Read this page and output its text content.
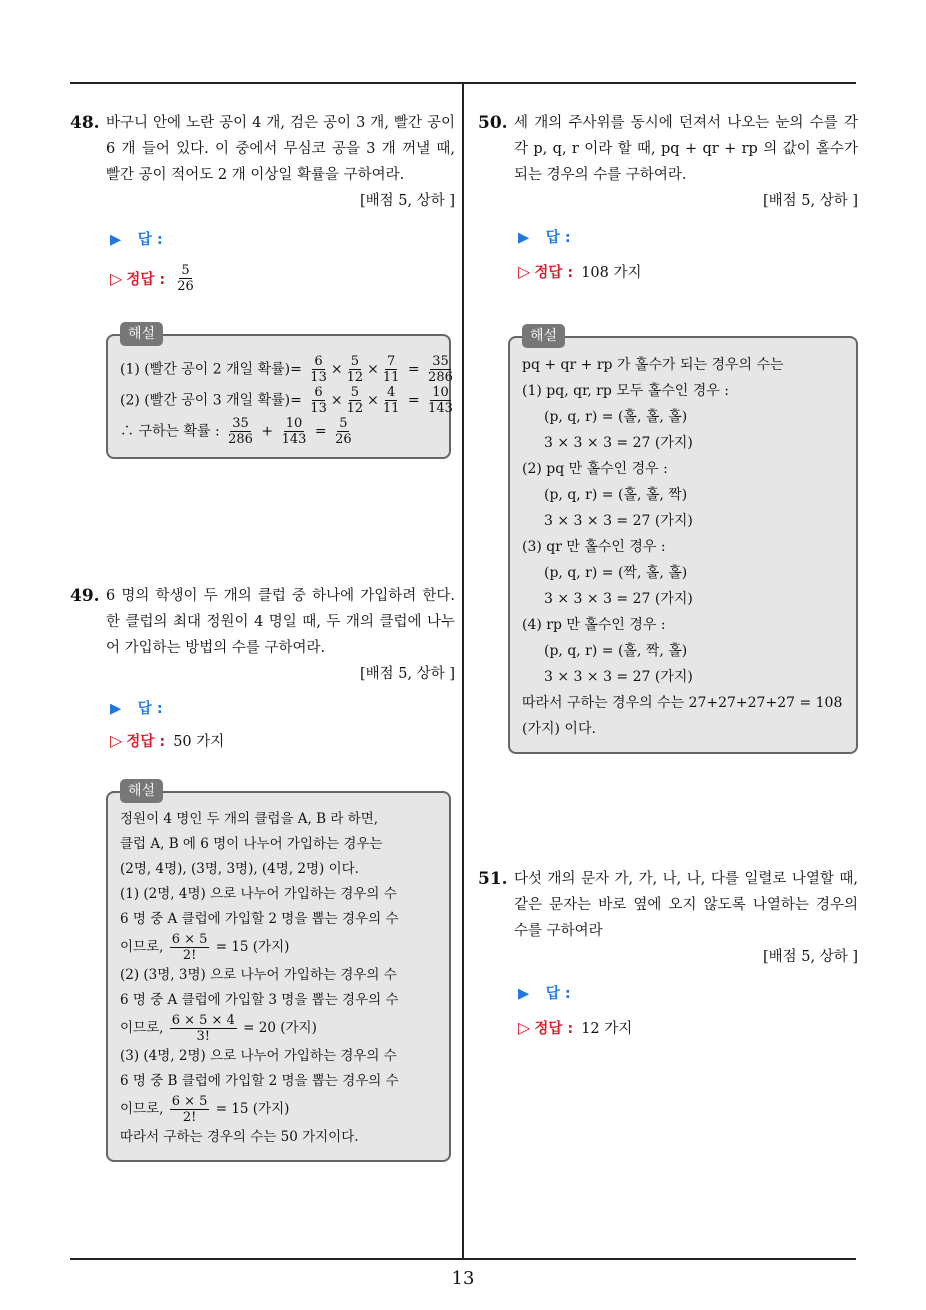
48. 바구니 안에 노란 공이 4 개, 검은 공이 3 개, 빨간 공이 6 개 들어 있다. 이 중에서 무심코 공을 3 개 꺼낼 때, 빨간 공이 적어도 2 개 이상일 확률을 구하여라.
[배점 5, 상하 ]
▶ 답 :
▷ 정답 : $\frac{5}{26}$
해설
(1) (빨간 공이 2 개일 확률)= $\frac{6}{13} \times \frac{5}{12} \times \frac{7}{11} = \frac{35}{286}$
(2) (빨간 공이 3 개일 확률)= $\frac{6}{13} \times \frac{5}{12} \times \frac{4}{11} = \frac{10}{143}$
∴ 구하는 확률 : $\frac{35}{286} + \frac{10}{143} = \frac{5}{26}$
49. 6 명의 학생이 두 개의 클럽 중 하나에 가입하려 한다. 한 클럽의 최대 정원이 4 명일 때, 두 개의 클럽에 나누어 가입하는 방법의 수를 구하여라.
[배점 5, 상하 ]
▶ 답 :
▷ 정답 : 50 가지
해설
정원이 4 명인 두 개의 클럽을 A, B 라 하면,
클럽 A, B 에 6 명이 나누어 가입하는 경우는
(2명, 4명), (3명, 3명), (4명, 2명) 이다.
(1) (2명, 4명) 으로 나누어 가입하는 경우의 수
6 명 중 A 클럽에 가입할 2 명을 뽑는 경우의 수
이므로, $\frac{6 \times 5}{2!} = 15$ (가지)
(2) (3명, 3명) 으로 나누어 가입하는 경우의 수
6 명 중 A 클럽에 가입할 3 명을 뽑는 경우의 수
이므로, $\frac{6 \times 5 \times 4}{3!} = 20$ (가지)
(3) (4명, 2명) 으로 나누어 가입하는 경우의 수
6 명 중 B 클럽에 가입할 2 명을 뽑는 경우의 수
이므로, $\frac{6 \times 5}{2!} = 15$ (가지)
따라서 구하는 경우의 수는 50 가지이다.
50. 세 개의 주사위를 동시에 던져서 나오는 눈의 수를 각각 p, q, r 이라 할 때, pq + qr + rp 의 값이 홀수가 되는 경우의 수를 구하여라.
[배점 5, 상하 ]
▶ 답 :
▷ 정답 : 108 가지
해설
pq + qr + rp 가 홀수가 되는 경우의 수는
(1) pq, qr, rp 모두 홀수인 경우 :
(p, q, r) = (홀, 홀, 홀)
3 × 3 × 3 = 27 (가지)
(2) pq 만 홀수인 경우 :
(p, q, r) = (홀, 홀, 짝)
3 × 3 × 3 = 27 (가지)
(3) qr 만 홀수인 경우 :
(p, q, r) = (짝, 홀, 홀)
3 × 3 × 3 = 27 (가지)
(4) rp 만 홀수인 경우 :
(p, q, r) = (홀, 짝, 홀)
3 × 3 × 3 = 27 (가지)
따라서 구하는 경우의 수는 27+27+27+27 = 108
(가지) 이다.
51. 다섯 개의 문자 가, 가, 나, 나, 다를 일렬로 나열할 때, 같은 문자는 바로 옆에 오지 않도록 나열하는 경우의 수를 구하여라
[배점 5, 상하 ]
▶ 답 :
▷ 정답 : 12 가지
13
